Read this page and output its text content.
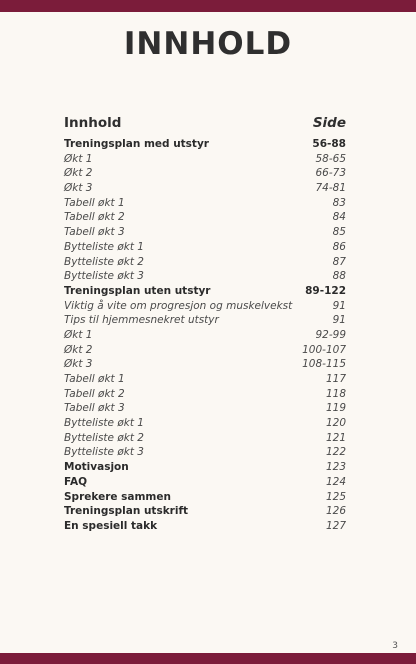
INNHOLD
Innhold	Side
Treningsplan med utstyr	56-88
Økt 1	58-65
Økt 2	66-73
Økt 3	74-81
Tabell økt 1	83
Tabell økt 2	84
Tabell økt 3	85
Bytteliste økt 1	86
Bytteliste økt 2	87
Bytteliste økt 3	88
Treningsplan uten utstyr	89-122
Viktig å vite om progresjon og muskelvekst	91
Tips til hjemmesnekret utstyr	91
Økt 1	92-99
Økt 2	100-107
Økt 3	108-115
Tabell økt 1	117
Tabell økt 2	118
Tabell økt 3	119
Bytteliste økt 1	120
Bytteliste økt 2	121
Bytteliste økt 3	122
Motivasjon	123
FAQ	124
Sprekere sammen	125
Treningsplan utskrift	126
En spesiell takk	127
3
